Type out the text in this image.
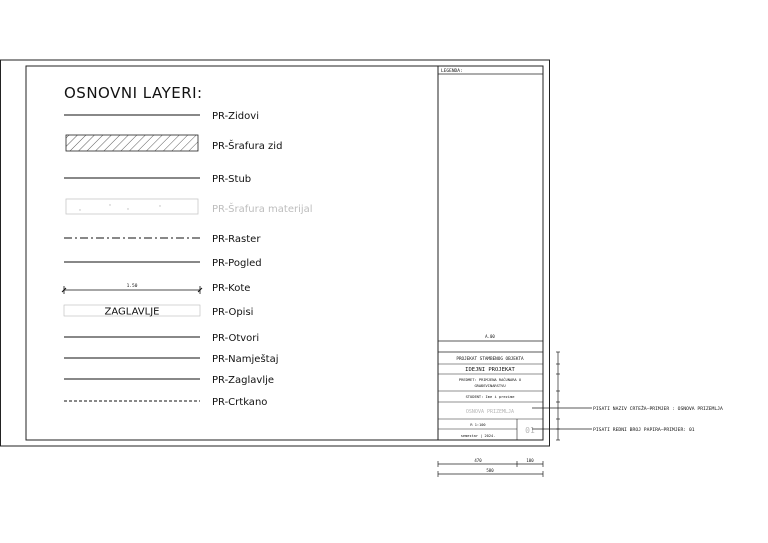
OSNOVNI LAYERI:
PR-Zidovi
PR-Šrafura zid
PR-Stub
PR-Šrafura materijal
PR-Raster
PR-Pogled
1.50	PR-Kote
ZAGLAVLJE	PR-Opisi
PR-Otvori
PR-Namještaj
PR-Zaglavlje
PR-Crtkano
LEGENDA:
A.00
PROJEKAT STAMBENOG OBJEKTA
IDEJNI PROJEKAT
PREDMET: PRIMJENA RAČUNARA U
GRAĐEVINARSTVU
STUDENT: Ime i prezime
OSNOVA PRIZEMLJA
R 1:100
semestar | 2024.
01
PISATI NAZIV CRTEŽA—PRIMJER : OSNOVA PRIZEMLJA
PISATI REDNI BROJ PAPIRA—PRIMJER: 01
470	100
580
